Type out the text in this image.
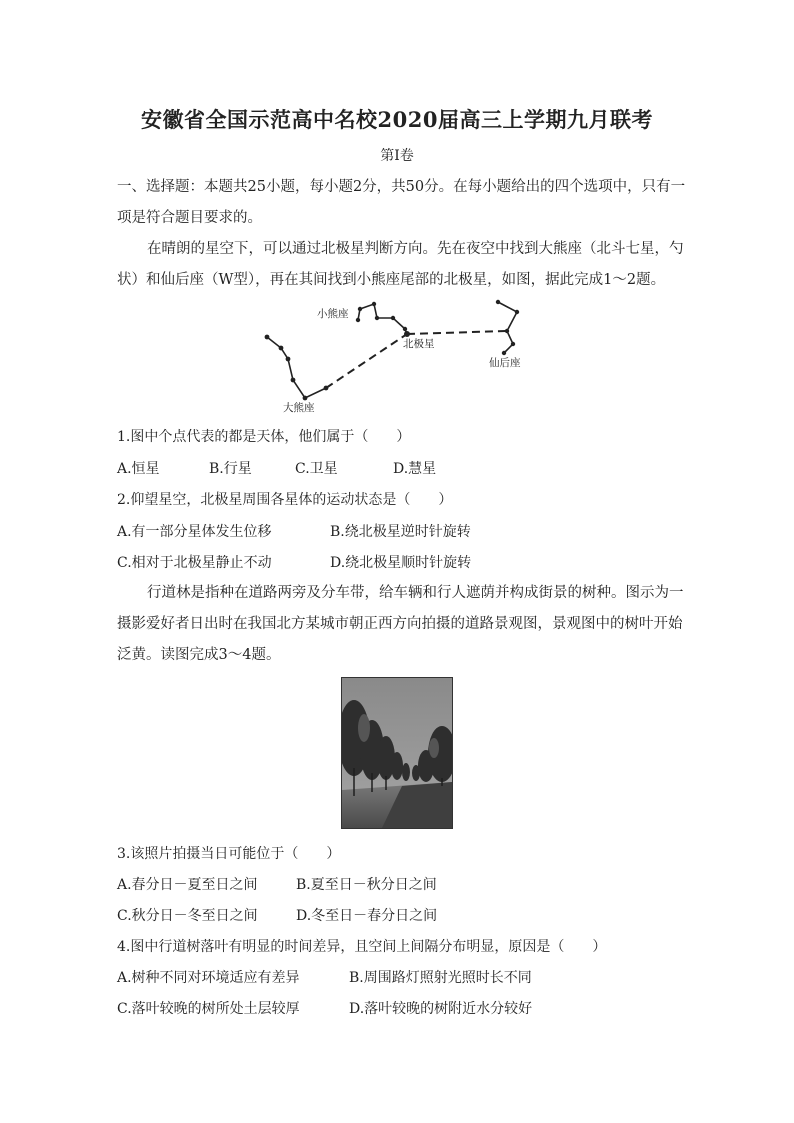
安徽省全国示范高中名校2020届高三上学期九月联考
第I卷
一、选择题：本题共25小题，每小题2分，共50分。在每小题给出的四个选项中，只有一项是符合题目要求的。
在晴朗的星空下，可以通过北极星判断方向。先在夜空中找到大熊座（北斗七星，勺状）和仙后座（W型），再在其间找到小熊座尾部的北极星，如图，据此完成1～2题。
小熊座
北极星
仙后座
大熊座
1.图中个点代表的都是天体，他们属于（　　）
A.恒星	B.行星	C.卫星	D.慧星
2.仰望星空，北极星周围各星体的运动状态是（　　）
A.有一部分星体发生位移	B.绕北极星逆时针旋转
C.相对于北极星静止不动	D.绕北极星顺时针旋转
行道林是指种在道路两旁及分车带，给车辆和行人遮荫并构成街景的树种。图示为一摄影爱好者日出时在我国北方某城市朝正西方向拍摄的道路景观图，景观图中的树叶开始泛黄。读图完成3～4题。
3.该照片拍摄当日可能位于（　　）
A.春分日－夏至日之间	B.夏至日－秋分日之间
C.秋分日－冬至日之间	D.冬至日－春分日之间
4.图中行道树落叶有明显的时间差异，且空间上间隔分布明显，原因是（　　）
A.树种不同对环境适应有差异	B.周围路灯照射光照时长不同
C.落叶较晚的树所处土层较厚	D.落叶较晚的树附近水分较好
